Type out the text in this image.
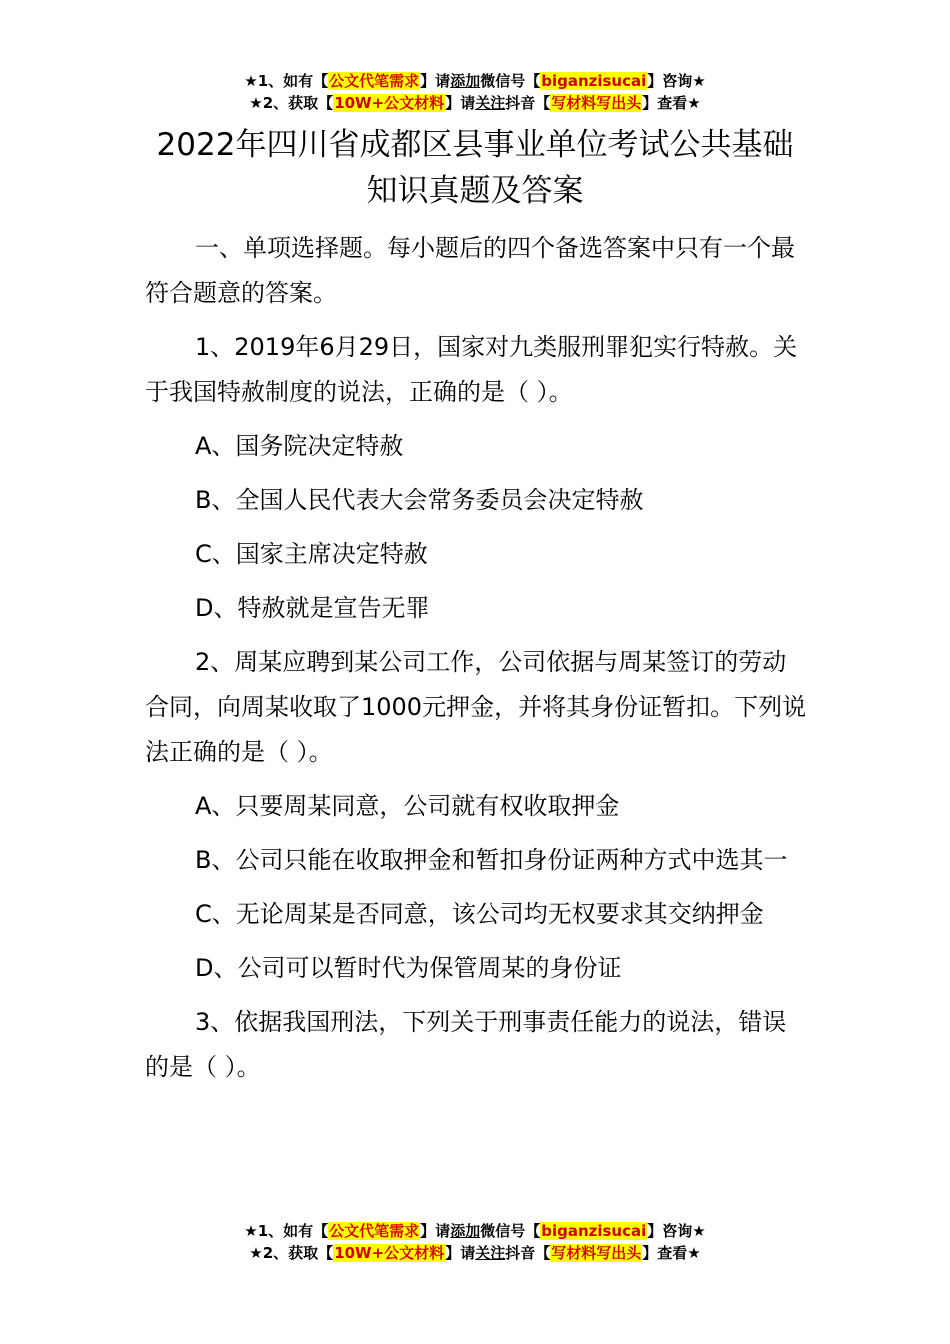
★1、如有【公文代笔需求】请添加微信号【biganzisucai】咨询★
★2、获取【10W+公文材料】请关注抖音【写材料写出头】查看★
2022年四川省成都区县事业单位考试公共基础知识真题及答案

一、单项选择题。每小题后的四个备选答案中只有一个最符合题意的答案。

1、2019年6月29日，国家对九类服刑罪犯实行特赦。关于我国特赦制度的说法，正确的是（ ）。

A、国务院决定特赦

B、全国人民代表大会常务委员会决定特赦

C、国家主席决定特赦

D、特赦就是宣告无罪

2、周某应聘到某公司工作，公司依据与周某签订的劳动合同，向周某收取了1000元押金，并将其身份证暂扣。下列说法正确的是（ ）。

A、只要周某同意，公司就有权收取押金

B、公司只能在收取押金和暂扣身份证两种方式中选其一

C、无论周某是否同意，该公司均无权要求其交纳押金

D、公司可以暂时代为保管周某的身份证

3、依据我国刑法，下列关于刑事责任能力的说法，错误的是（ ）。

★1、如有【公文代笔需求】请添加微信号【biganzisucai】咨询★
★2、获取【10W+公文材料】请关注抖音【写材料写出头】查看★
